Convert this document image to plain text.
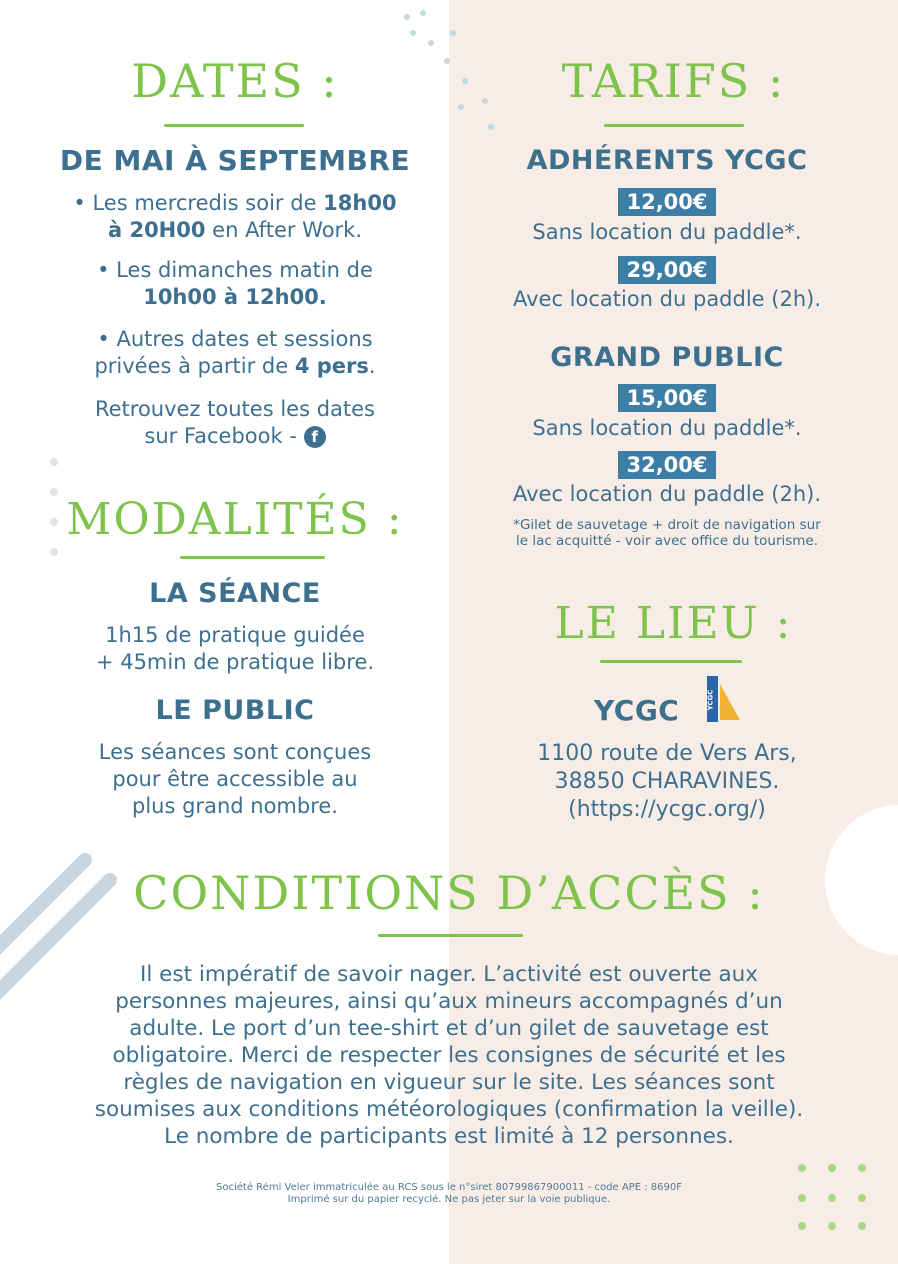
DATES :
DE MAI À SEPTEMBRE
• Les mercredis soir de 18h00
à 20H00 en After Work.
• Les dimanches matin de
10h00 à 12h00.
• Autres dates et sessions
privées à partir de 4 pers.
Retrouvez toutes les dates
sur Facebook - f
MODALITÉS :
LA SÉANCE
1h15 de pratique guidée
+ 45min de pratique libre.
LE PUBLIC
Les séances sont conçues
pour être accessible au
plus grand nombre.
TARIFS :
ADHÉRENTS YCGC
12,00€
Sans location du paddle*.
29,00€
Avec location du paddle (2h).
GRAND PUBLIC
15,00€
Sans location du paddle*.
32,00€
Avec location du paddle (2h).
*Gilet de sauvetage + droit de navigation sur
le lac acquitté - voir avec office du tourisme.
LE LIEU :
YCGC	YCGC
1100 route de Vers Ars,
38850 CHARAVINES.
(https://ycgc.org/)
CONDITIONS D’ACCÈS :
Il est impératif de savoir nager. L’activité est ouverte aux
personnes majeures, ainsi qu’aux mineurs accompagnés d’un
adulte. Le port d’un tee-shirt et d’un gilet de sauvetage est
obligatoire. Merci de respecter les consignes de sécurité et les
règles de navigation en vigueur sur le site. Les séances sont
soumises aux conditions météorologiques (confirmation la veille).
Le nombre de participants est limité à 12 personnes.
Société Rémi Veler immatriculée au RCS sous le n°siret 80799867900011 - code APE : 8690F
Imprimé sur du papier recyclé. Ne pas jeter sur la voie publique.
